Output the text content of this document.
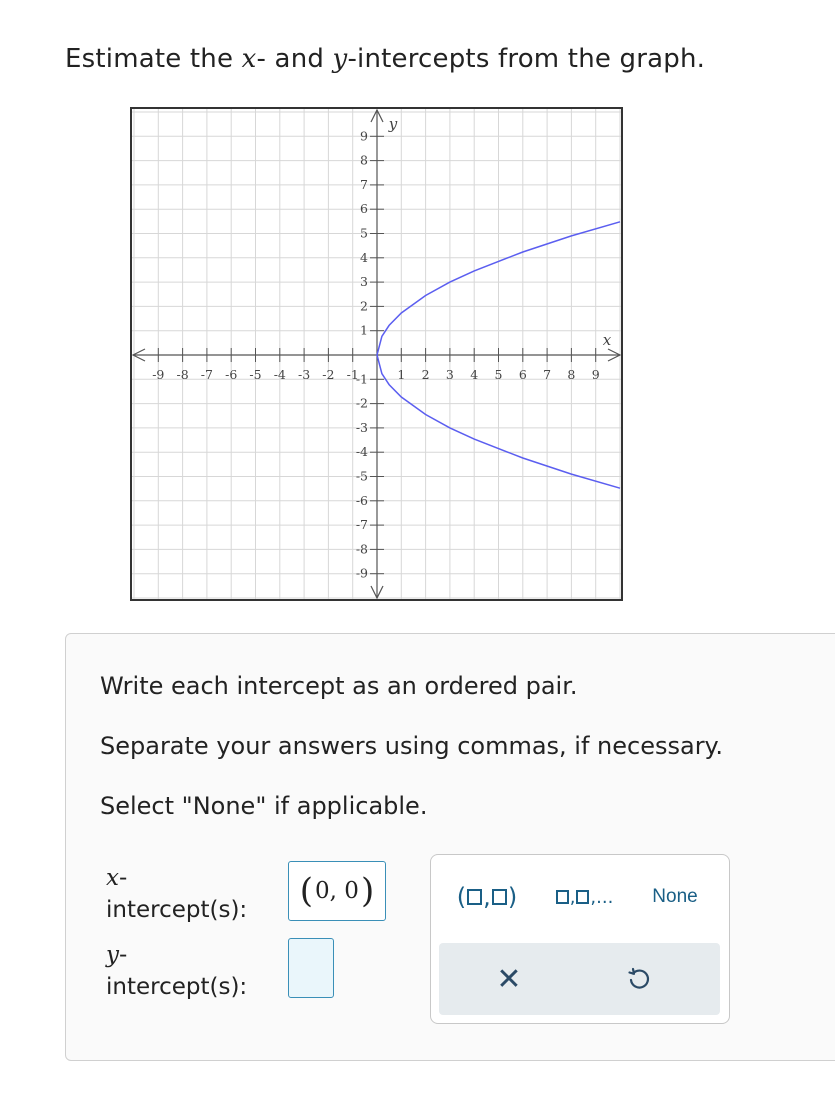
Estimate the x- and y-intercepts from the graph.
-9 -8 -7 -6 -5 -4 -3 -2 -1	1 2 3 4 5 6 7 8 9
9
8
7
6
5
4
3
2
1
-1
-2
-3
-4
-5
-6
-7
-8
-9
x
y
Write each intercept as an ordered pair.
Separate your answers using commas, if necessary.
Select "None" if applicable.
x-
intercept(s): ( 0, 0 )
y-
intercept(s):
( , )	, ,...	None
✕
